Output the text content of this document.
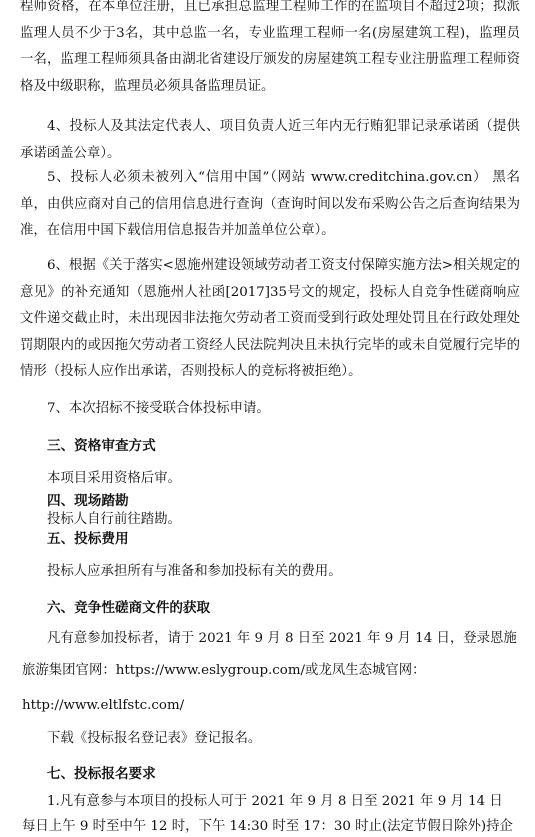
程师资格，在本单位注册，且已承担总监理工程师工作的在监项目不超过2项；拟派监理人员不少于3名，其中总监一名，专业监理工程师一名(房屋建筑工程)，监理员一名，监理工程师须具备由湖北省建设厅颁发的房屋建筑工程专业注册监理工程师资格及中级职称，监理员必须具备监理员证。

4、投标人及其法定代表人、项目负责人近三年内无行贿犯罪记录承诺函（提供承诺函盖公章）。

5、投标人必须未被列入“信用中国”（网站 www.creditchina.gov.cn） 黑名单，由供应商对自己的信用信息进行查询（查询时间以发布采购公告之后查询结果为准，在信用中国下载信用信息报告并加盖单位公章）。

6、根据《关于落实<恩施州建设领域劳动者工资支付保障实施方法>相关规定的意见》的补充通知（恩施州人社函[2017]35号文的规定，投标人自竞争性磋商响应文件递交截止时，未出现因非法拖欠劳动者工资而受到行政处理处罚且在行政处理处罚期限内的或因拖欠劳动者工资经人民法院判决且未执行完毕的或未自觉履行完毕的情形（投标人应作出承诺，否则投标人的竞标将被拒绝）。

7、本次招标不接受联合体投标申请。

三、资格审查方式

本项目采用资格后审。

四、现场踏勘

投标人自行前往踏勘。

五、投标费用

投标人应承担所有与准备和参加投标有关的费用。

六、竞争性磋商文件的获取

凡有意参加投标者，请于 2021 年 9 月 8 日至 2021 年 9 月 14 日，登录恩施

旅游集团官网：https://www.eslygroup.com/或龙凤生态城官网：

http://www.eltlfstc.com/

下载《投标报名登记表》登记报名。

七、投标报名要求

1.凡有意参与本项目的投标人可于 2021 年 9 月 8 日至 2021 年 9 月 14 日

每日上午 9 时至中午 12 时，下午 14:30 时至 17：30 时止(法定节假日除外)持企
